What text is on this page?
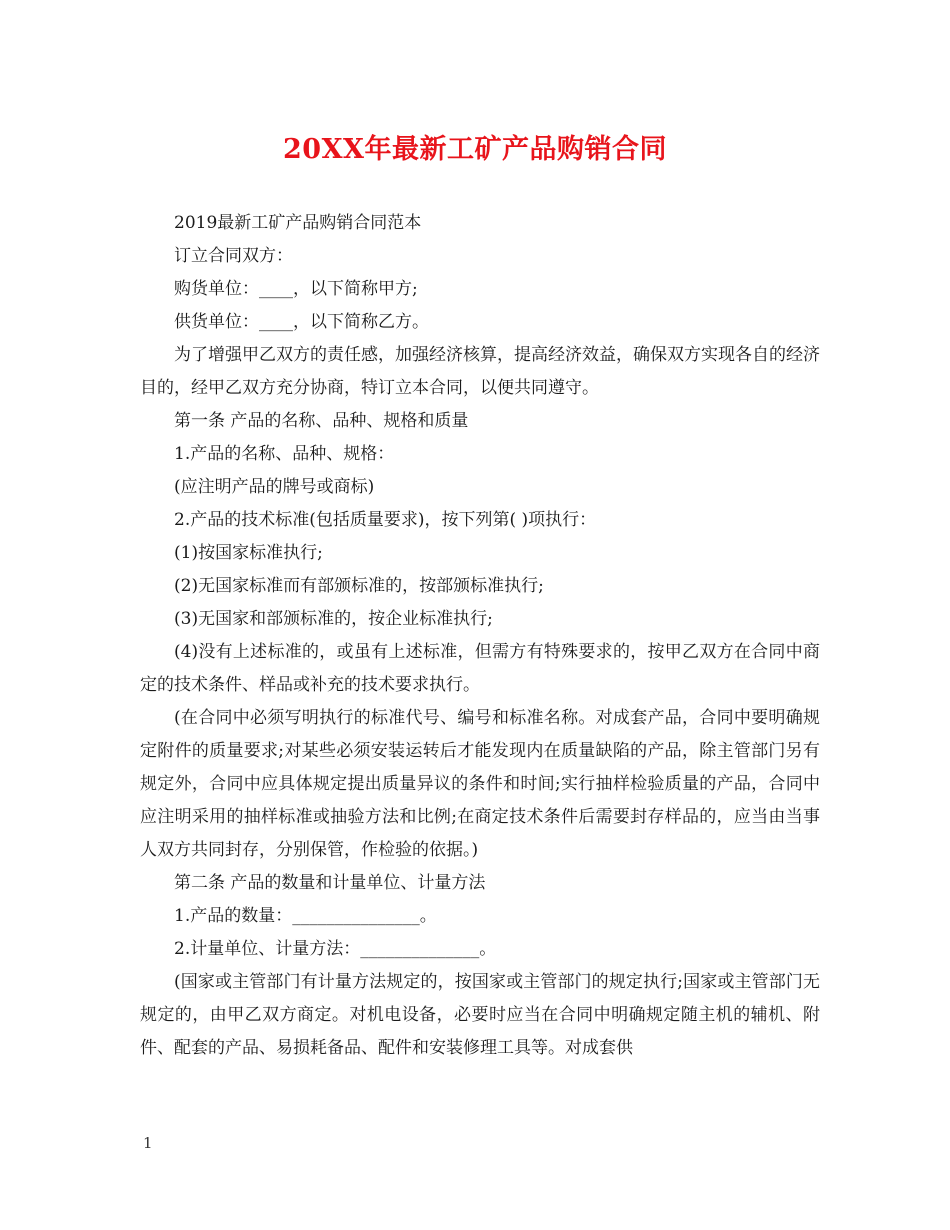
20XX年最新工矿产品购销合同

2019最新工矿产品购销合同范本

订立合同双方：

购货单位：____，以下简称甲方;

供货单位：____，以下简称乙方。

为了增强甲乙双方的责任感，加强经济核算，提高经济效益，确保双方实现各自的经济目的，经甲乙双方充分协商，特订立本合同，以便共同遵守。

第一条 产品的名称、品种、规格和质量

1.产品的名称、品种、规格：

(应注明产品的牌号或商标)

2.产品的技术标准(包括质量要求)，按下列第( )项执行：

(1)按国家标准执行;

(2)无国家标准而有部颁标准的，按部颁标准执行;

(3)无国家和部颁标准的，按企业标准执行;

(4)没有上述标准的，或虽有上述标准，但需方有特殊要求的，按甲乙双方在合同中商定的技术条件、样品或补充的技术要求执行。

(在合同中必须写明执行的标准代号、编号和标准名称。对成套产品，合同中要明确规定附件的质量要求;对某些必须安装运转后才能发现内在质量缺陷的产品，除主管部门另有规定外，合同中应具体规定提出质量异议的条件和时间;实行抽样检验质量的产品，合同中应注明采用的抽样标准或抽验方法和比例;在商定技术条件后需要封存样品的，应当由当事人双方共同封存，分别保管，作检验的依据。)

第二条 产品的数量和计量单位、计量方法

1.产品的数量：_______________。

2.计量单位、计量方法：______________。

(国家或主管部门有计量方法规定的，按国家或主管部门的规定执行;国家或主管部门无规定的，由甲乙双方商定。对机电设备，必要时应当在合同中明确规定随主机的辅机、附件、配套的产品、易损耗备品、配件和安装修理工具等。对成套供

1
